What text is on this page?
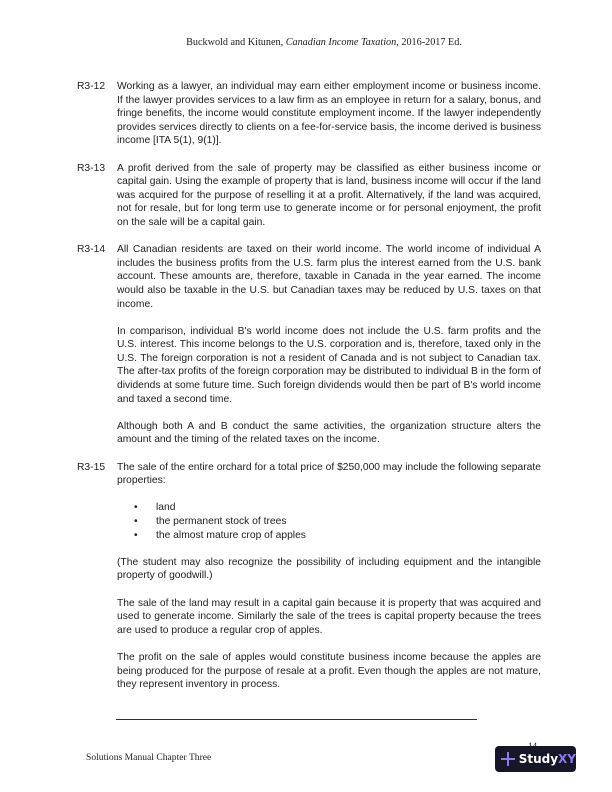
Buckwold and Kitunen, Canadian Income Taxation, 2016-2017 Ed.
R3-12	Working as a lawyer, an individual may earn either employment income or business income. If the lawyer provides services to a law firm as an employee in return for a salary, bonus, and fringe benefits, the income would constitute employment income. If the lawyer independently provides services directly to clients on a fee-for-service basis, the income derived is business income [ITA 5(1), 9(1)].

R3-13	A profit derived from the sale of property may be classified as either business income or capital gain. Using the example of property that is land, business income will occur if the land was acquired for the purpose of reselling it at a profit. Alternatively, if the land was acquired, not for resale, but for long term use to generate income or for personal enjoyment, the profit on the sale will be a capital gain.

R3-14	All Canadian residents are taxed on their world income. The world income of individual A includes the business profits from the U.S. farm plus the interest earned from the U.S. bank account. These amounts are, therefore, taxable in Canada in the year earned. The income would also be taxable in the U.S. but Canadian taxes may be reduced by U.S. taxes on that income.

In comparison, individual B's world income does not include the U.S. farm profits and the U.S. interest. This income belongs to the U.S. corporation and is, therefore, taxed only in the U.S. The foreign corporation is not a resident of Canada and is not subject to Canadian tax. The after-tax profits of the foreign corporation may be distributed to individual B in the form of dividends at some future time. Such foreign dividends would then be part of B's world income and taxed a second time.

Although both A and B conduct the same activities, the organization structure alters the amount and the timing of the related taxes on the income.

R3-15	The sale of the entire orchard for a total price of $250,000 may include the following separate properties:

• land
• the permanent stock of trees
• the almost mature crop of apples

(The student may also recognize the possibility of including equipment and the intangible property of goodwill.)

The sale of the land may result in a capital gain because it is property that was acquired and used to generate income. Similarly the sale of the trees is capital property because the trees are used to produce a regular crop of apples.

The profit on the sale of apples would constitute business income because the apples are being produced for the purpose of resale at a profit. Even though the apples are not mature, they represent inventory in process.

Solutions Manual Chapter Three	Study XY
